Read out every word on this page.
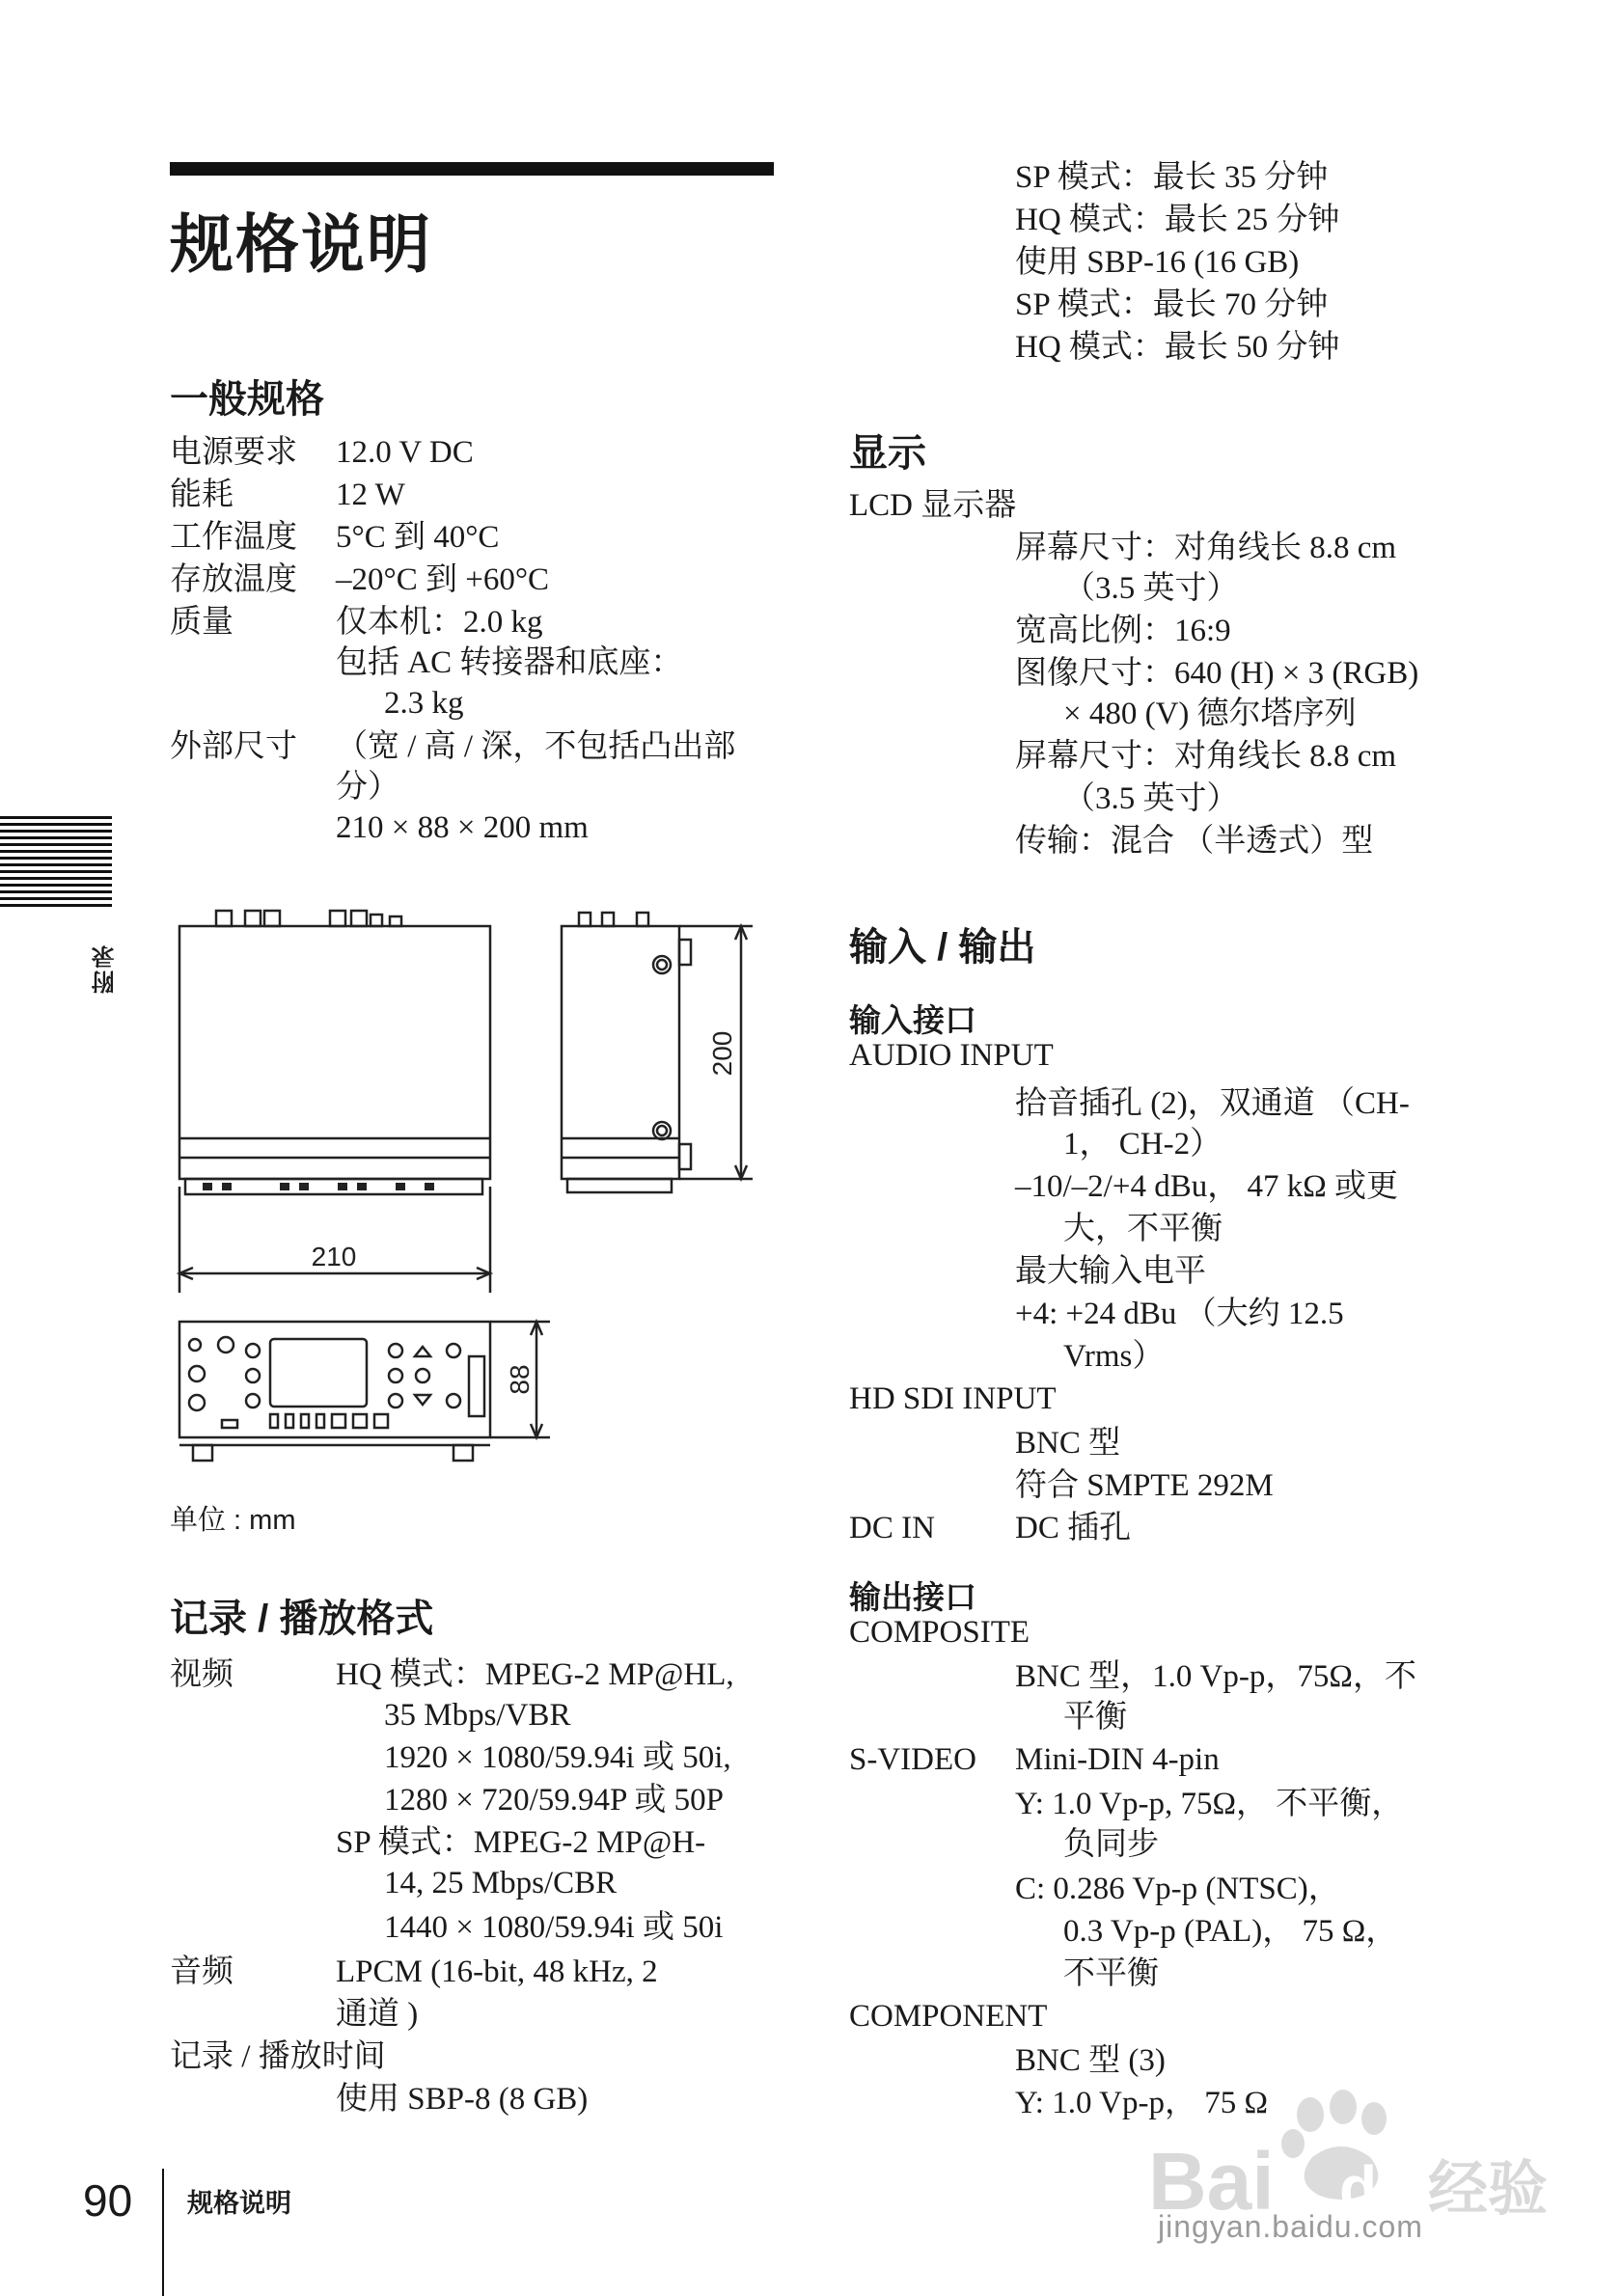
规格说明
一般规格
电源要求 12.0 V DC
能耗	12 W
工作温度 5°C 到 40°C
存放温度 –20°C 到 +60°C
质量	仅本机：2.0 kg
包括 AC 转接器和底座：
2.3 kg
外部尺寸 （宽 / 高 / 深，不包括凸出部
分）
210 × 88 × 200 mm
210
88
200
单位 : mm
记录 / 播放格式
视频	HQ 模式：MPEG-2 MP@HL,
35 Mbps/VBR
1920 × 1080/59.94i 或 50i,
1280 × 720/59.94P 或 50P
SP 模式：MPEG-2 MP@H-
14, 25 Mbps/CBR
1440 × 1080/59.94i 或 50i
音频	LPCM (16-bit, 48 kHz, 2
通道 )
记录 / 播放时间
使用 SBP-8 (8 GB)
SP 模式：最长 35 分钟
HQ 模式：最长 25 分钟
使用 SBP-16 (16 GB)
SP 模式：最长 70 分钟
HQ 模式：最长 50 分钟
显示
LCD 显示器
屏幕尺寸：对角线长 8.8 cm
（3.5 英寸）
宽高比例：16:9
图像尺寸：640 (H) × 3 (RGB)
× 480 (V) 德尔塔序列
屏幕尺寸：对角线长 8.8 cm
（3.5 英寸）
传输：混合 （半透式）型
输入 / 输出
输入接口
AUDIO INPUT
拾音插孔 (2)，双通道 （CH-
1， CH-2）
–10/–2/+4 dBu， 47 kΩ 或更
大，不平衡
最大输入电平
+4: +24 dBu （大约 12.5
Vrms）
HD SDI INPUT
BNC 型
符合 SMPTE 292M
DC IN	DC 插孔
输出接口
COMPOSITE
BNC 型，1.0 Vp-p，75Ω，不
平衡
S-VIDEO Mini-DIN 4-pin
Y: 1.0 Vp-p, 75Ω， 不平衡，
负同步
C: 0.286 Vp-p (NTSC)，
0.3 Vp-p (PAL)， 75 Ω，
不平衡
COMPONENT
BNC 型 (3)
Y: 1.0 Vp-p， 75 Ω
附录
90 规格说明	Bai du 经验
jingyan.baidu.com
